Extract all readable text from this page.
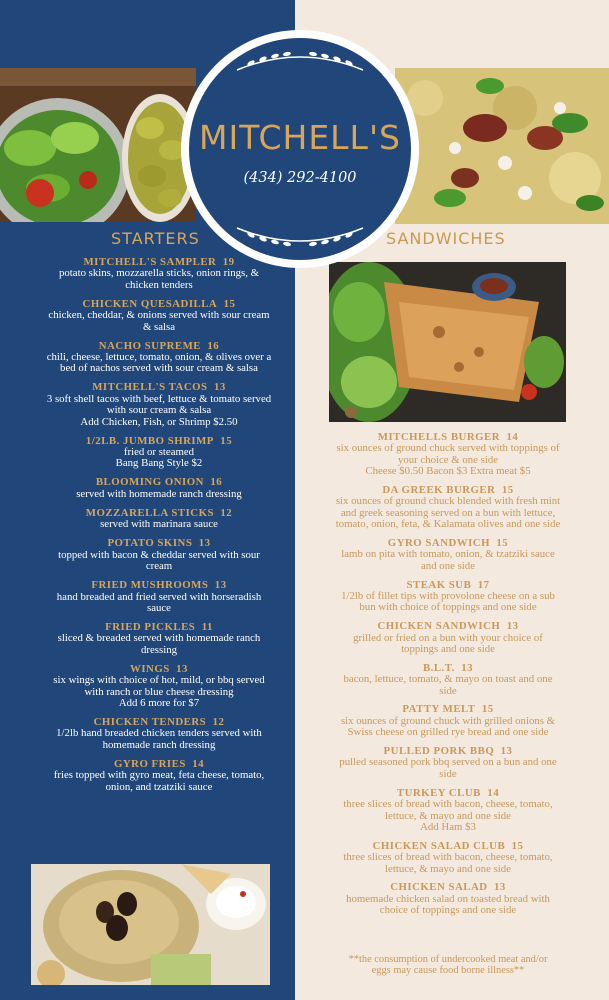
MITCHELL'S
(434) 292-4100
STARTERS	SANDWICHES
MITCHELL'S SAMPLER 19
potato skins, mozzarella sticks, onion rings, &
chicken tenders
CHICKEN QUESADILLA 15
chicken, cheddar, & onions served with sour cream
& salsa
NACHO SUPREME 16
chili, cheese, lettuce, tomato, onion, & olives over a
bed of nachos served with sour cream & salsa
MITCHELL'S TACOS 13
3 soft shell tacos with beef, lettuce & tomato served
with sour cream & salsa
Add Chicken, Fish, or Shrimp $2.50
1/2LB. JUMBO SHRIMP 15
fried or steamed
Bang Bang Style $2
BLOOMING ONION 16
served with homemade ranch dressing
MOZZARELLA STICKS 12
served with marinara sauce
POTATO SKINS 13
topped with bacon & cheddar served with sour
cream
FRIED MUSHROOMS 13
hand breaded and fried served with horseradish
sauce
FRIED PICKLES 11
sliced & breaded served with homemade ranch
dressing
WINGS 13
six wings with choice of hot, mild, or bbq served
with ranch or blue cheese dressing
Add 6 more for $7
CHICKEN TENDERS 12
1/2lb hand breaded chicken tenders served with
homemade ranch dressing
GYRO FRIES 14
fries topped with gyro meat, feta cheese, tomato,
onion, and tzatziki sauce
MITCHELLS BURGER 14
six ounces of ground chuck served with toppings of
your choice & one side
Cheese $0.50 Bacon $3 Extra meat $5
DA GREEK BURGER 15
six ounces of ground chuck blended with fresh mint
and greek seasoning served on a bun with lettuce,
tomato, onion, feta, & Kalamata olives and one side
GYRO SANDWICH 15
lamb on pita with tomato, onion, & tzatziki sauce
and one side
STEAK SUB 17
1/2lb of fillet tips with provolone cheese on a sub
bun with choice of toppings and one side
CHICKEN SANDWICH 13
grilled or fried on a bun with your choice of
toppings and one side
B.L.T. 13
bacon, lettuce, tomato, & mayo on toast and one
side
PATTY MELT 15
six ounces of ground chuck with grilled onions &
Swiss cheese on grilled rye bread and one side
PULLED PORK BBQ 13
pulled seasoned pork bbq served on a bun and one
side
TURKEY CLUB 14
three slices of bread with bacon, cheese, tomato,
lettuce, & mayo and one side
Add Ham $3
CHICKEN SALAD CLUB 15
three slices of bread with bacon, cheese, tomato,
lettuce, & mayo and one side
CHICKEN SALAD 13
homemade chicken salad on toasted bread with
choice of toppings and one side
**the consumption of undercooked meat and/or
eggs may cause food borne illness**
